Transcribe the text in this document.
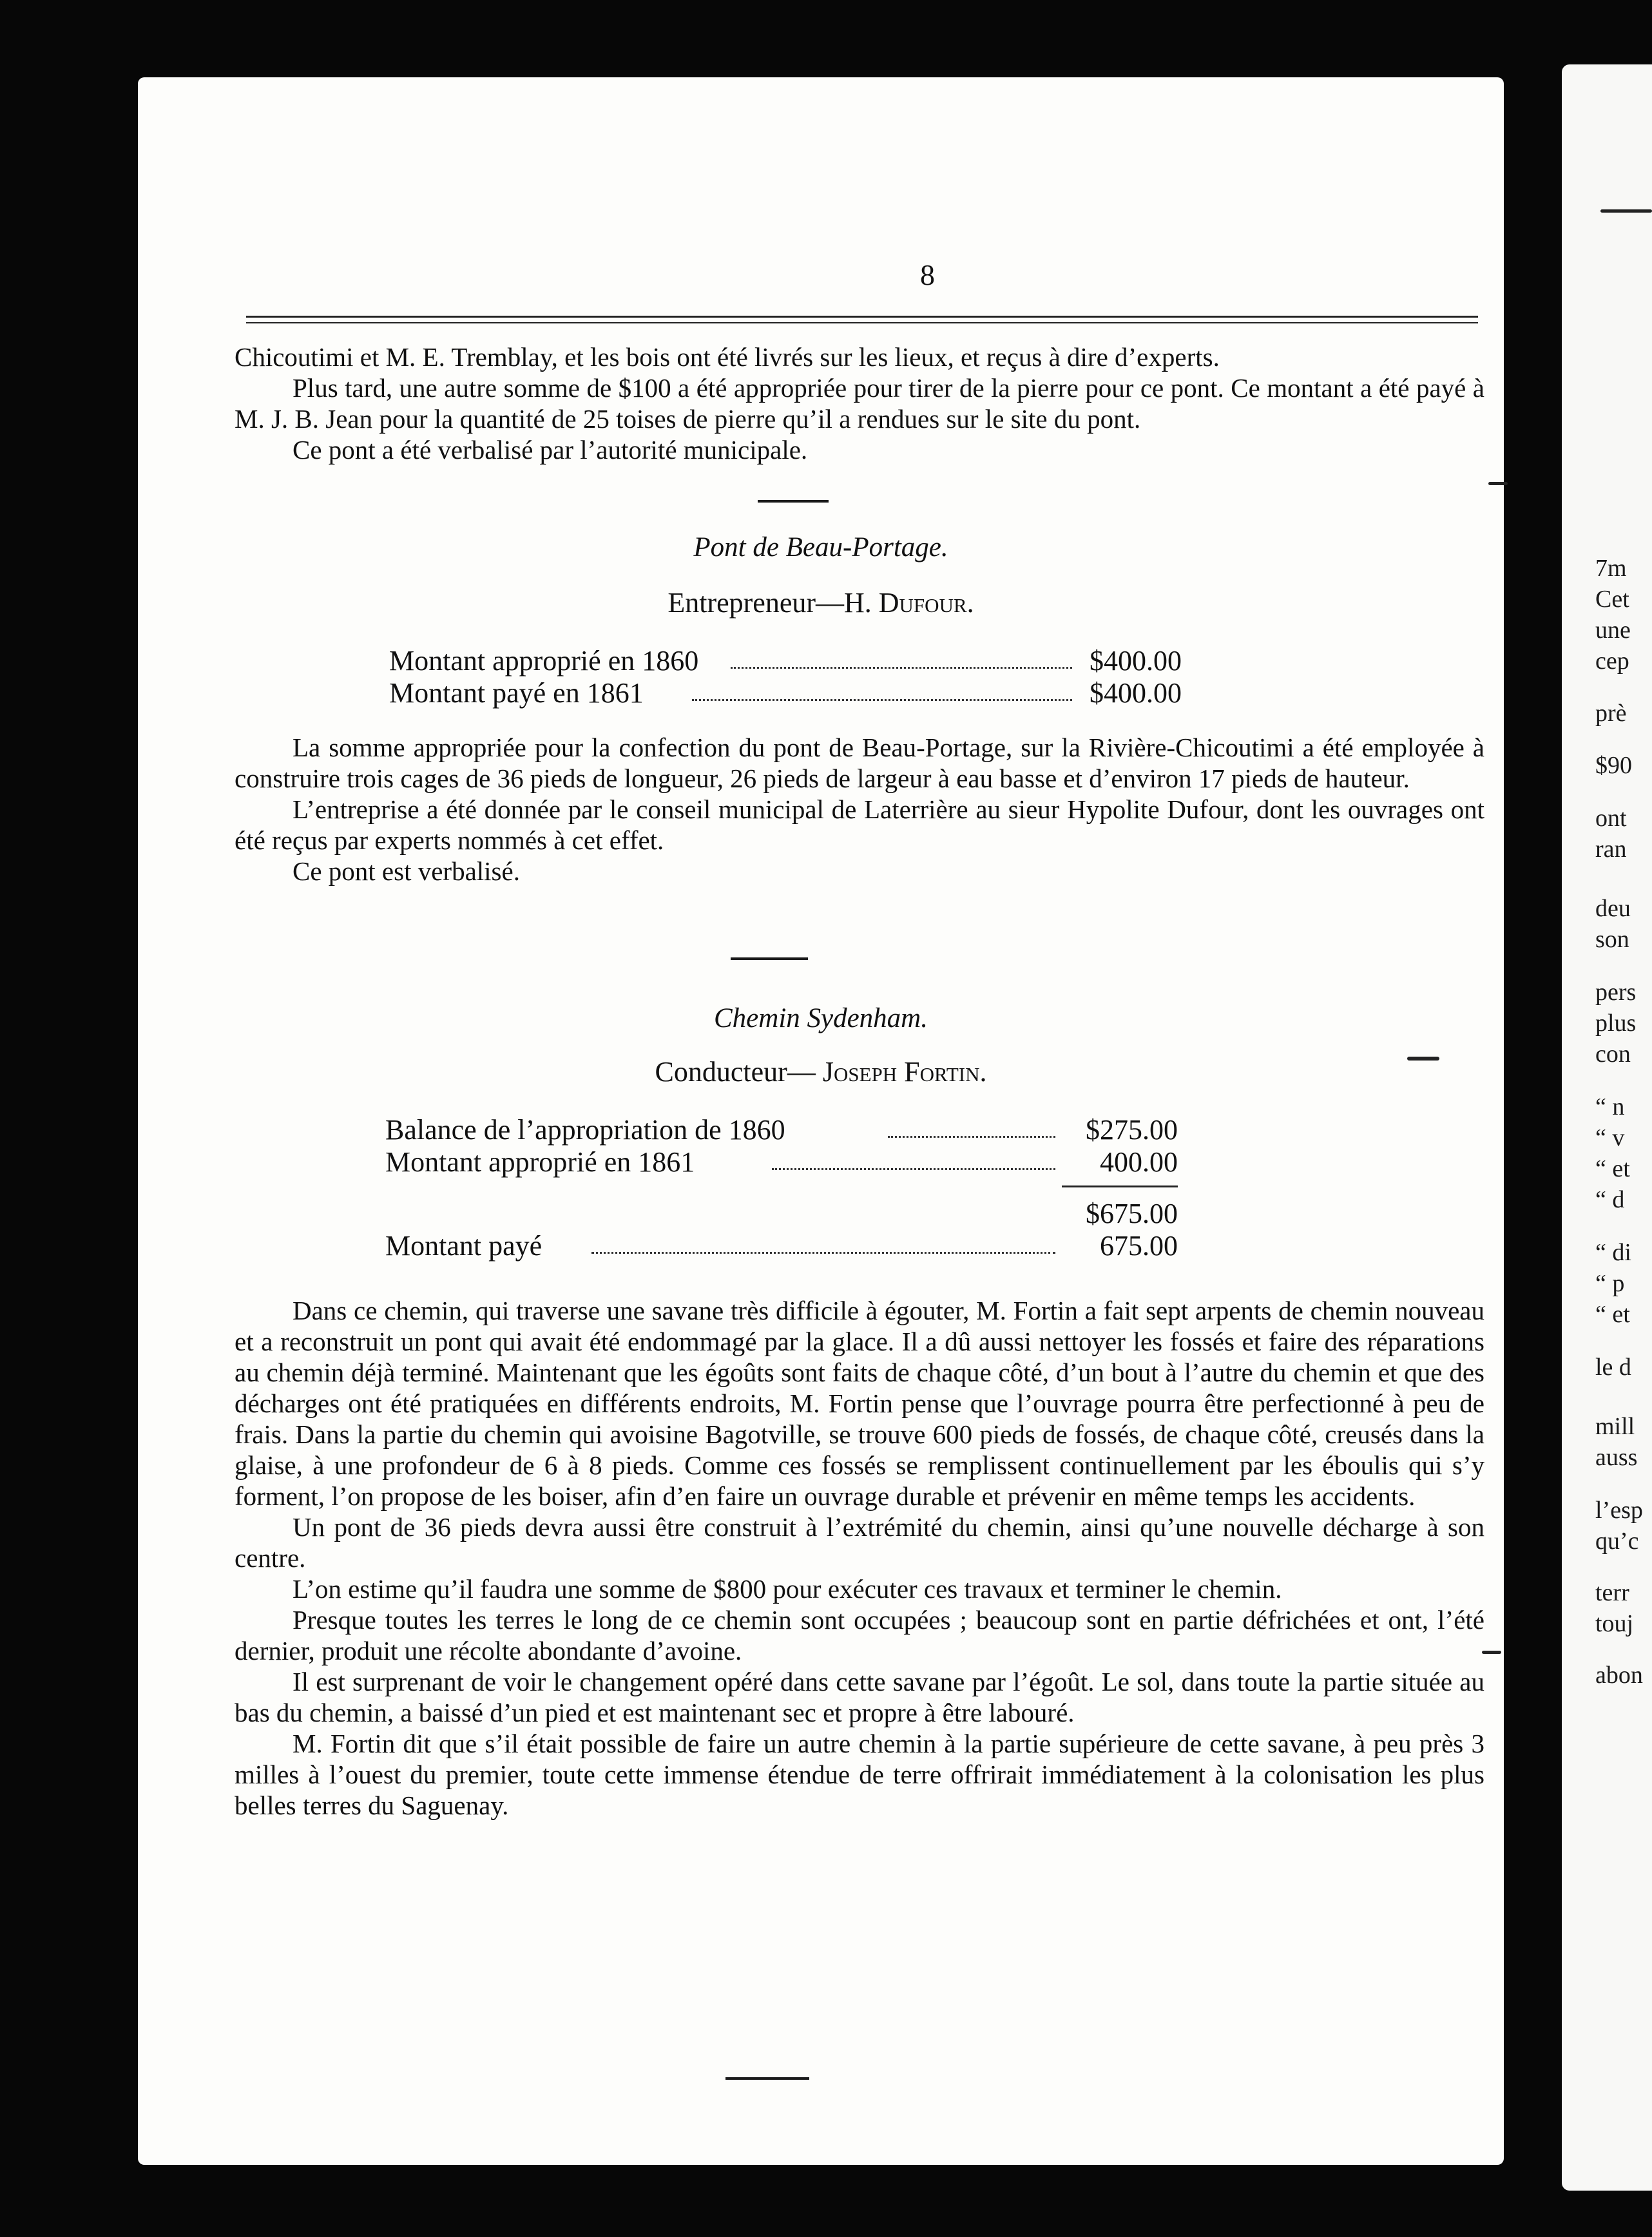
8

Chicoutimi et M. E. Tremblay, et les bois ont été livrés sur les lieux, et reçus à dire d’experts.

Plus tard, une autre somme de $100 a été appropriée pour tirer de la pierre pour ce pont. Ce montant a été payé à M. J. B. Jean pour la quantité de 25 toises de pierre qu’il a rendues sur le site du pont.

Ce pont a été verbalisé par l’autorité municipale.

Pont de Beau-Portage.
Entrepreneur—H. Dufour.
Montant approprié en 1860	$400.00
Montant payé en 1861	$400.00

La somme appropriée pour la confection du pont de Beau-Portage, sur la Rivière-Chicoutimi a été employée à construire trois cages de 36 pieds de longueur, 26 pieds de largeur à eau basse et d’environ 17 pieds de hauteur.

L’entreprise a été donnée par le conseil municipal de Laterrière au sieur Hypolite Dufour, dont les ouvrages ont été reçus par experts nommés à cet effet.

Ce pont est verbalisé.

Chemin Sydenham.
Conducteur— Joseph Fortin.
Balance de l’appropriation de 1860	$275.00
Montant approprié en 1861	400.00
$675.00
Montant payé	675.00

Dans ce chemin, qui traverse une savane très difficile à égouter, M. Fortin a fait sept arpents de chemin nouveau et a reconstruit un pont qui avait été endommagé par la glace. Il a dû aussi nettoyer les fossés et faire des réparations au chemin déjà terminé. Maintenant que les égoûts sont faits de chaque côté, d’un bout à l’autre du chemin et que des décharges ont été pratiquées en différents endroits, M. Fortin pense que l’ouvrage pourra être perfectionné à peu de frais. Dans la partie du chemin qui avoisine Bagotville, se trouve 600 pieds de fossés, de chaque côté, creusés dans la glaise, à une profondeur de 6 à 8 pieds. Comme ces fossés se remplissent continuellement par les éboulis qui s’y forment, l’on propose de les boiser, afin d’en faire un ouvrage durable et prévenir en même temps les accidents.

Un pont de 36 pieds devra aussi être construit à l’extrémité du chemin, ainsi qu’une nouvelle décharge à son centre.

L’on estime qu’il faudra une somme de $800 pour exécuter ces travaux et terminer le chemin.

Presque toutes les terres le long de ce chemin sont occupées ; beaucoup sont en partie défrichées et ont, l’été dernier, produit une récolte abondante d’avoine.

Il est surprenant de voir le changement opéré dans cette savane par l’égoût. Le sol, dans toute la partie située au bas du chemin, a baissé d’un pied et est maintenant sec et propre à être labouré.

M. Fortin dit que s’il était possible de faire un autre chemin à la partie supérieure de cette savane, à peu près 3 milles à l’ouest du premier, toute cette immense étendue de terre offrirait immédiatement à la colonisation les plus belles terres du Saguenay.

7m
Cet
une
cep
prè
$90
ont
ran
deu
son
pers
plus
con
“ n
“ v
“ et
“ d
“ di
“ p
“ et
le d
mill
auss
l’esp
qu’c
terr
touj
abon
